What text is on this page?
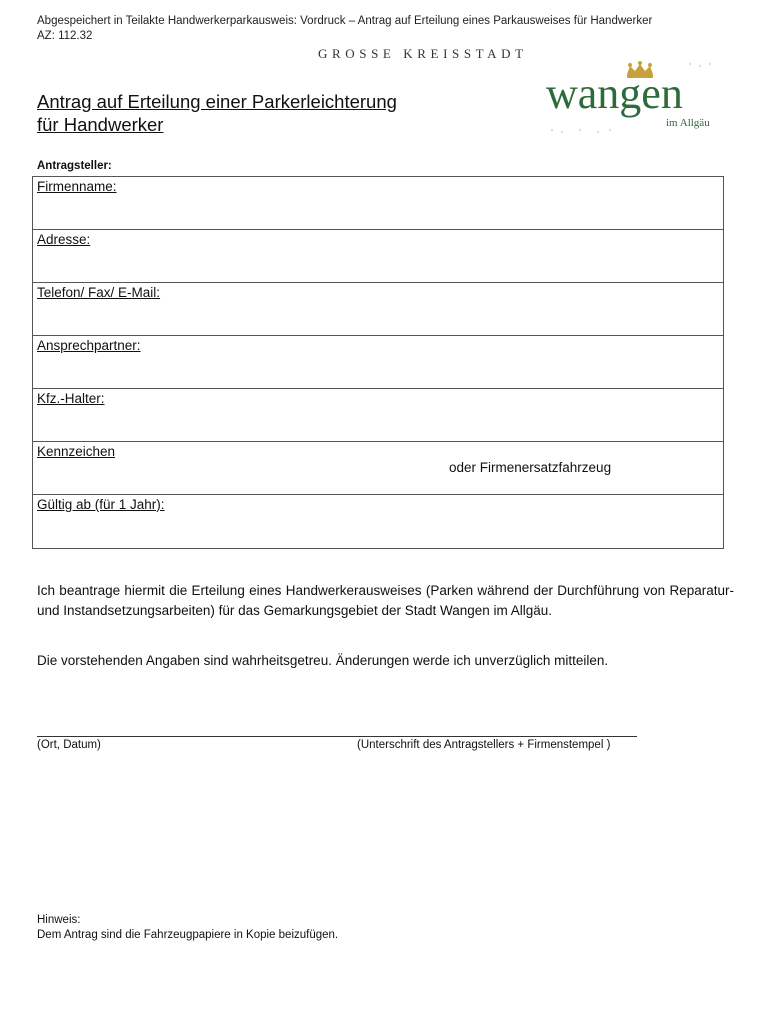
Abgespeichert in Teilakte Handwerkerparkausweis: Vordruck – Antrag auf Erteilung eines Parkausweises für Handwerker
AZ: 112.32
GROSSE KREISSTADT
wangen
im Allgäu
Antrag auf Erteilung einer Parkerleichterung
für Handwerker
Antragsteller:
Firmenname:
Adresse:
Telefon/ Fax/ E-Mail:
Ansprechpartner:
Kfz.-Halter:
Kennzeichen
oder Firmenersatzfahrzeug
Gültig ab (für 1 Jahr):
Ich beantrage hiermit die Erteilung eines Handwerkerausweises (Parken während der Durchführung von Reparatur- und Instandsetzungsarbeiten) für das Gemarkungsgebiet der Stadt Wangen im Allgäu.
Die vorstehenden Angaben sind wahrheitsgetreu. Änderungen werde ich unverzüglich mitteilen.
(Ort, Datum)	(Unterschrift des Antragstellers + Firmenstempel )
Hinweis:
Dem Antrag sind die Fahrzeugpapiere in Kopie beizufügen.
